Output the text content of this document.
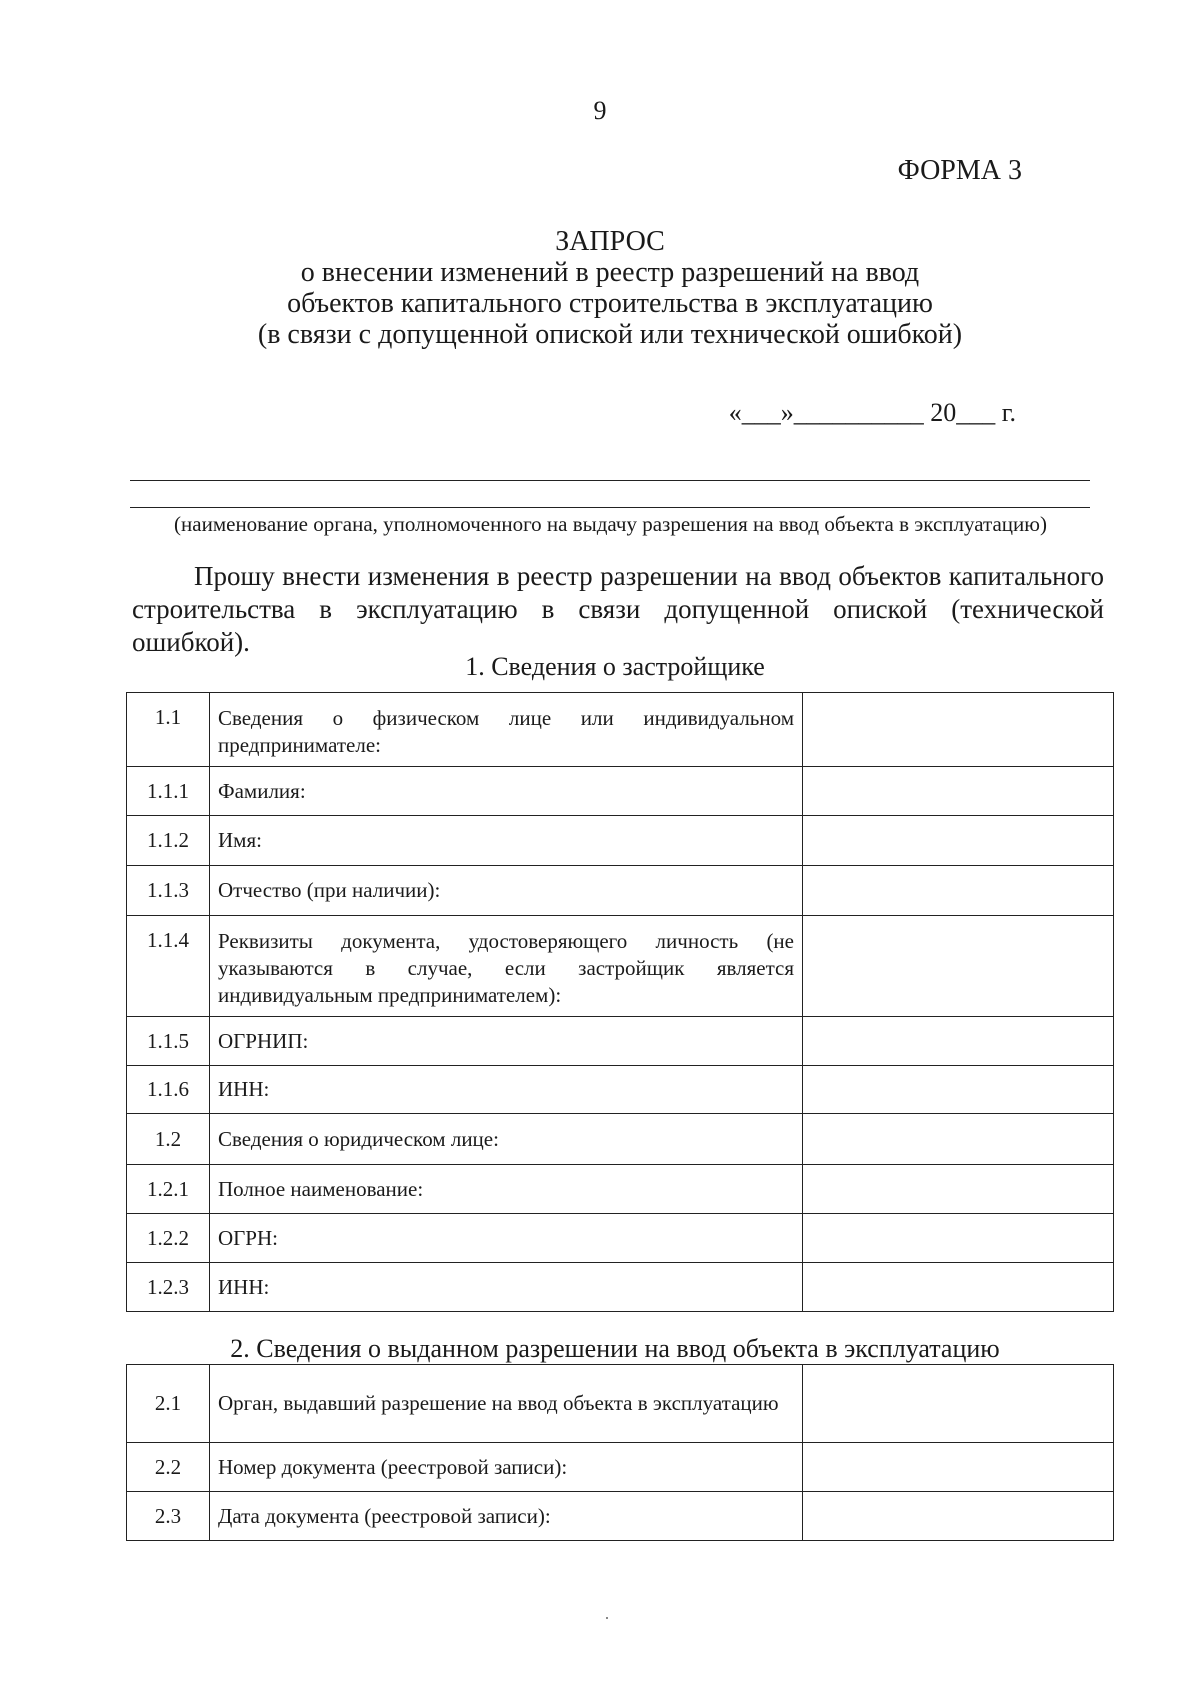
9
ФОРМА 3
ЗАПРОС
о внесении изменений в реестр разрешений на ввод
объектов капитального строительства в эксплуатацию
(в связи с допущенной опиской или технической ошибкой)
«___»__________ 20___ г.
(наименование органа, уполномоченного на выдачу разрешения на ввод объекта в эксплуатацию)
Прошу внести изменения в реестр разрешении на ввод объектов капитального строительства в эксплуатацию в связи допущенной опиской (технической ошибкой).
1. Сведения о застройщике
1.1	Сведения о физическом лице или индивидуальном предпринимателе:	
1.1.1	Фамилия:	
1.1.2	Имя:	
1.1.3	Отчество (при наличии):	
1.1.4	Реквизиты документа, удостоверяющего личность (не указываются в случае, если застройщик является индивидуальным предпринимателем):	
1.1.5	ОГРНИП:	
1.1.6	ИНН:	
1.2	Сведения о юридическом лице:	
1.2.1	Полное наименование:	
1.2.2	ОГРН:	
1.2.3	ИНН:	
2. Сведения о выданном разрешении на ввод объекта в эксплуатацию
2.1	Орган, выдавший разрешение на ввод объекта в эксплуатацию	
2.2	Номер документа (реестровой записи):	
2.3	Дата документа (реестровой записи):	
